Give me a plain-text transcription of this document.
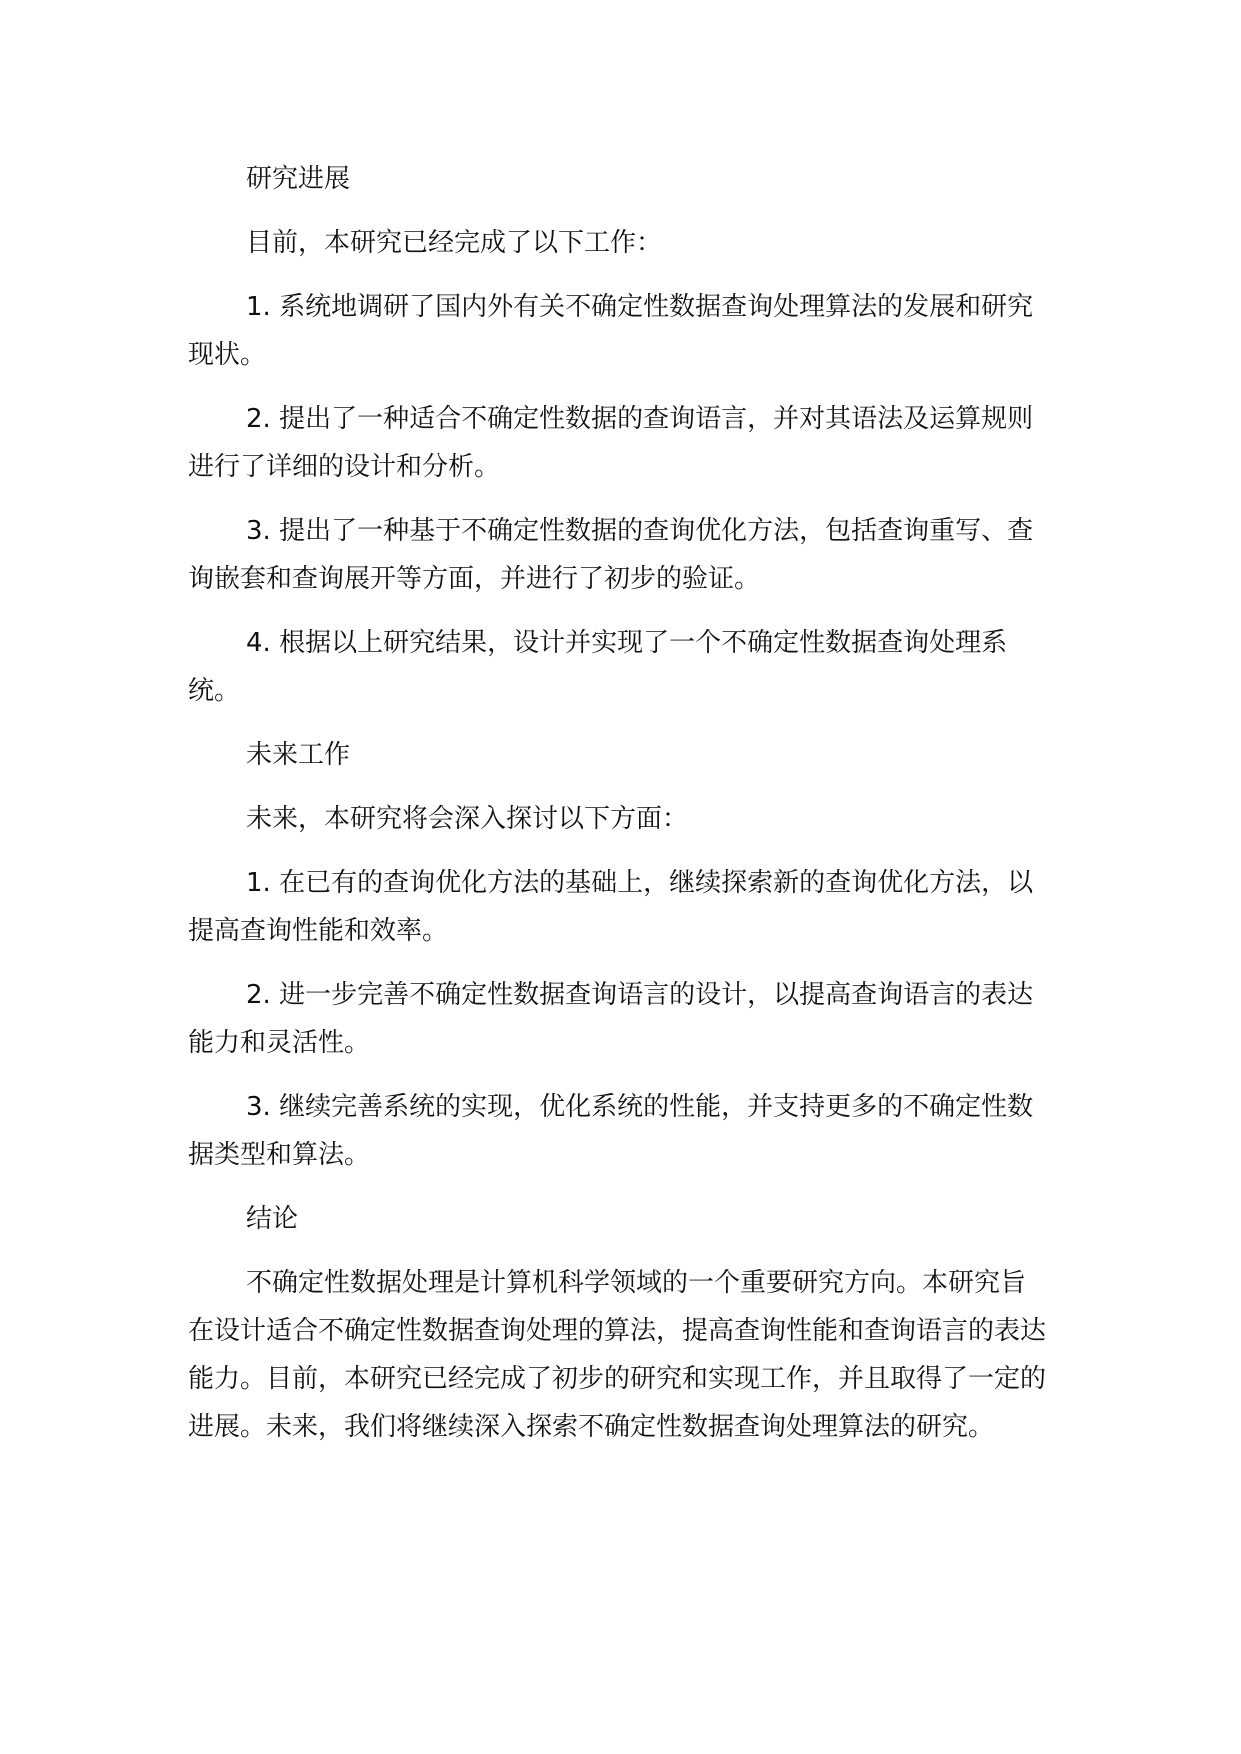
研究进展

目前，本研究已经完成了以下工作：

1. 系统地调研了国内外有关不确定性数据查询处理算法的发展和研究现状。

2. 提出了一种适合不确定性数据的查询语言，并对其语法及运算规则进行了详细的设计和分析。

3. 提出了一种基于不确定性数据的查询优化方法，包括查询重写、查询嵌套和查询展开等方面，并进行了初步的验证。

4. 根据以上研究结果，设计并实现了一个不确定性数据查询处理系统。

未来工作

未来，本研究将会深入探讨以下方面：

1. 在已有的查询优化方法的基础上，继续探索新的查询优化方法，以提高查询性能和效率。

2. 进一步完善不确定性数据查询语言的设计，以提高查询语言的表达能力和灵活性。

3. 继续完善系统的实现，优化系统的性能，并支持更多的不确定性数据类型和算法。

结论

不确定性数据处理是计算机科学领域的一个重要研究方向。本研究旨在设计适合不确定性数据查询处理的算法，提高查询性能和查询语言的表达能力。目前，本研究已经完成了初步的研究和实现工作，并且取得了一定的进展。未来，我们将继续深入探索不确定性数据查询处理算法的研究。
